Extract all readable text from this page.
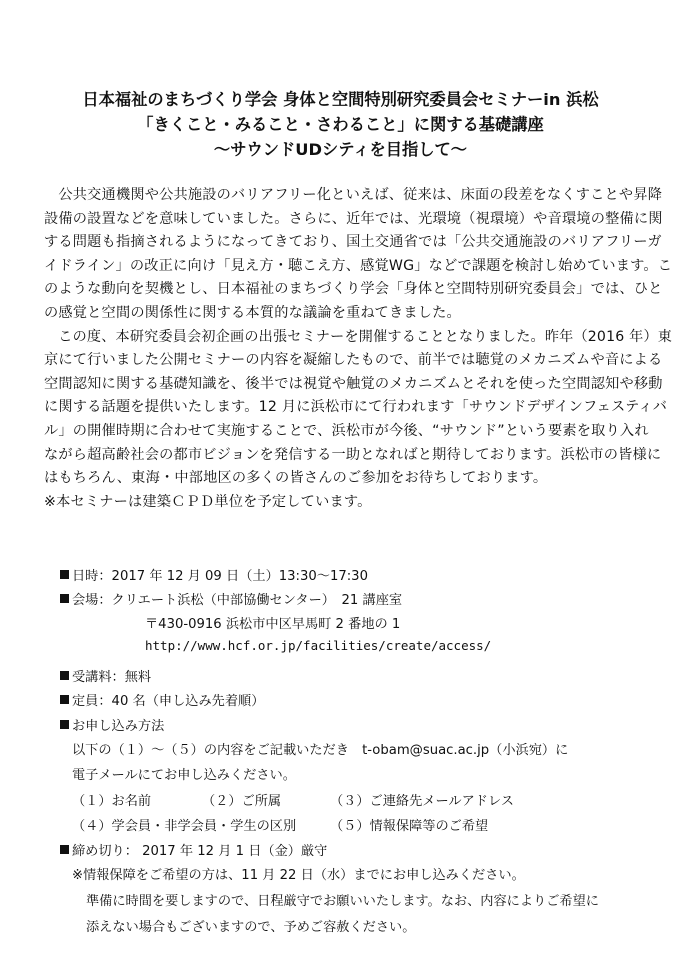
日本福祉のまちづくり学会 身体と空間特別研究委員会セミナーin 浜松
「きくこと・みること・さわること」に関する基礎講座
～サウンドUDシティを目指して～
　公共交通機関や公共施設のバリアフリー化といえば、従来は、床面の段差をなくすことや昇降
設備の設置などを意味していました。さらに、近年では、光環境（視環境）や音環境の整備に関
する問題も指摘されるようになってきており、国土交通省では「公共交通施設のバリアフリーガ
イドライン」の改正に向け「見え方・聴こえ方、感覚WG」などで課題を検討し始めています。こ
のような動向を契機とし、日本福祉のまちづくり学会「身体と空間特別研究委員会」では、ひと
の感覚と空間の関係性に関する本質的な議論を重ねてきました。
　この度、本研究委員会初企画の出張セミナーを開催することとなりました。昨年（2016 年）東
京にて行いました公開セミナーの内容を凝縮したもので、前半では聴覚のメカニズムや音による
空間認知に関する基礎知識を、後半では視覚や触覚のメカニズムとそれを使った空間認知や移動
に関する話題を提供いたします。12 月に浜松市にて行われます「サウンドデザインフェスティバ
ル」の開催時期に合わせて実施することで、浜松市が今後、“サウンド”という要素を取り入れ
ながら超高齢社会の都市ビジョンを発信する一助となればと期待しております。浜松市の皆様に
はもちろん、東海・中部地区の多くの皆さんのご参加をお待ちしております。
※本セミナーは建築ＣＰＤ単位を予定しています。
日時：2017 年 12 月 09 日（土）13:30～17:30
会場：クリエート浜松（中部協働センター）　21 講座室
〒430-0916 浜松市中区早馬町 2 番地の 1
http://www.hcf.or.jp/facilities/create/access/
受講料：無料
定員：40 名（申し込み先着順）
お申し込み方法
以下の（１）～（５）の内容をご記載いただき　t-obam@suac.ac.jp（小浜宛）に
電子メールにてお申し込みください。
（１）お名前	（２）ご所属	（３）ご連絡先メールアドレス
（４）学会員・非学会員・学生の区別	（５）情報保障等のご希望
締め切り： 2017 年 12 月 1 日（金）厳守
※情報保障をご希望の方は、11 月 22 日（水）までにお申し込みください。
準備に時間を要しますので、日程厳守でお願いいたします。なお、内容によりご希望に
添えない場合もございますので、予めご容赦ください。
